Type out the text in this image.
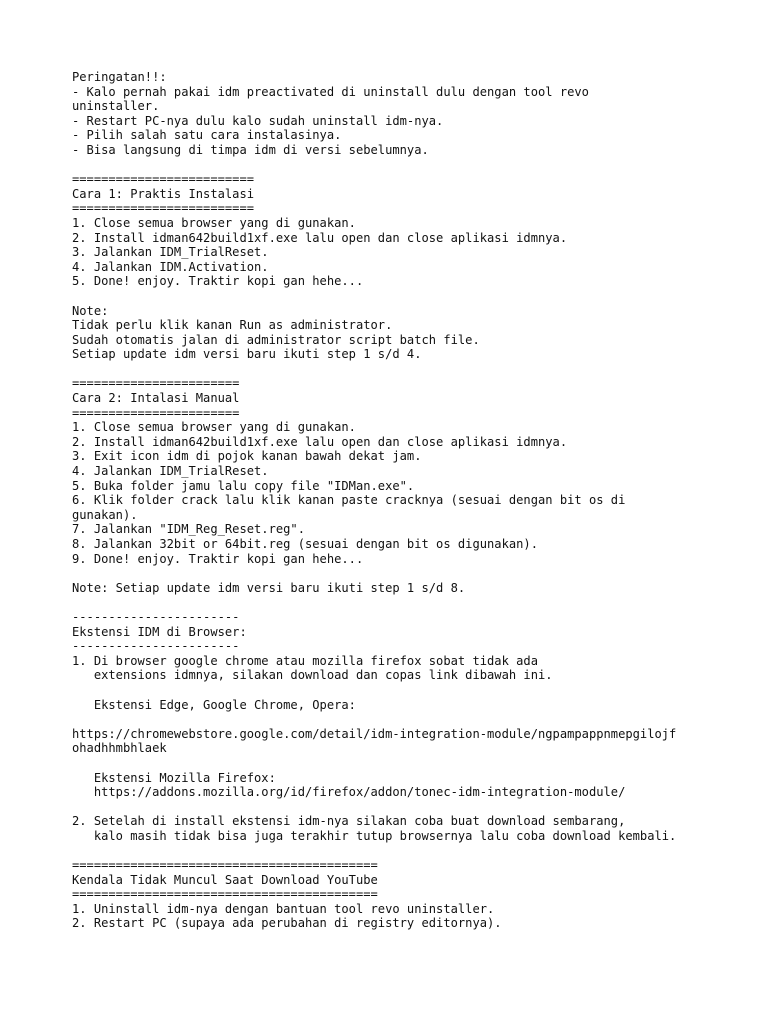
Peringatan!!:
- Kalo pernah pakai idm preactivated di uninstall dulu dengan tool revo
uninstaller.
- Restart PC-nya dulu kalo sudah uninstall idm-nya.
- Pilih salah satu cara instalasinya.
- Bisa langsung di timpa idm di versi sebelumnya.
=========================
Cara 1: Praktis Instalasi
=========================
1. Close semua browser yang di gunakan.
2. Install idman642build1xf.exe lalu open dan close aplikasi idmnya.
3. Jalankan IDM_TrialReset.
4. Jalankan IDM.Activation.
5. Done! enjoy. Traktir kopi gan hehe...
Note:
Tidak perlu klik kanan Run as administrator.
Sudah otomatis jalan di administrator script batch file.
Setiap update idm versi baru ikuti step 1 s/d 4.
=======================
Cara 2: Intalasi Manual
=======================
1. Close semua browser yang di gunakan.
2. Install idman642build1xf.exe lalu open dan close aplikasi idmnya.
3. Exit icon idm di pojok kanan bawah dekat jam.
4. Jalankan IDM_TrialReset.
5. Buka folder jamu lalu copy file "IDMan.exe".
6. Klik folder crack lalu klik kanan paste cracknya (sesuai dengan bit os di
gunakan).
7. Jalankan "IDM_Reg_Reset.reg".
8. Jalankan 32bit or 64bit.reg (sesuai dengan bit os digunakan).
9. Done! enjoy. Traktir kopi gan hehe...
Note: Setiap update idm versi baru ikuti step 1 s/d 8.
-----------------------
Ekstensi IDM di Browser:
-----------------------
1. Di browser google chrome atau mozilla firefox sobat tidak ada
extensions idmnya, silakan download dan copas link dibawah ini.
Ekstensi Edge, Google Chrome, Opera:
https://chromewebstore.google.com/detail/idm-integration-module/ngpampappnmepgilojf
ohadhhmbhlaek
Ekstensi Mozilla Firefox:
https://addons.mozilla.org/id/firefox/addon/tonec-idm-integration-module/
2. Setelah di install ekstensi idm-nya silakan coba buat download sembarang,
kalo masih tidak bisa juga terakhir tutup browsernya lalu coba download kembali.
==========================================
Kendala Tidak Muncul Saat Download YouTube
==========================================
1. Uninstall idm-nya dengan bantuan tool revo uninstaller.
2. Restart PC (supaya ada perubahan di registry editornya).
